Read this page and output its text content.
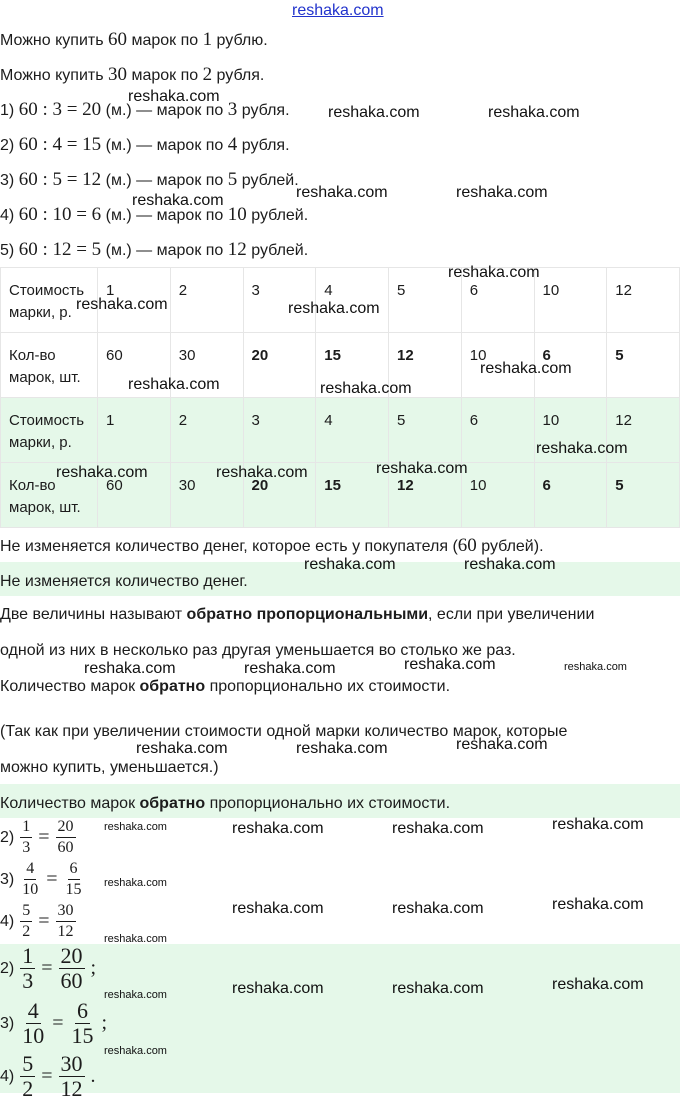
reshaka.com
Можно купить 60 марок по 1 рублю.
Можно купить 30 марок по 2 рубля.
1) 60 : 3 = 20 (м.) — марок по 3 рубля.
2) 60 : 4 = 15 (м.) — марок по 4 рубля.
3) 60 : 5 = 12 (м.) — марок по 5 рублей.
4) 60 : 10 = 6 (м.) — марок по 10 рублей.
5) 60 : 12 = 5 (м.) — марок по 12 рублей.
Стоимость
марки, р.	1	2	3	4	5	6	10	12
Кол-во
марок, шт.	60	30	20	15	12	10	6	5
Стоимость
марки, р.	1	2	3	4	5	6	10	12
Кол-во
марок, шт.	60	30	20	15	12	10	6	5
Не изменяется количество денег, которое есть у покупателя (60 рублей).
Не изменяется количество денег.
Две величины называют обратно пропорциональными, если при увеличении
одной из них в несколько раз другая уменьшается во столько же раз.
Количество марок обратно пропорционально их стоимости.
(Так как при увеличении стоимости одной марки количество марок, которые
можно купить, уменьшается.)
Количество марок обратно пропорционально их стоимости.
$2) \frac{1}{3} = \frac{20}{60}$
$3) \frac{4}{10} = \frac{6}{15}$
$4) \frac{5}{2} = \frac{30}{12}$
$2) \frac{1}{3} = \frac{20}{60}$ ;
$3) \frac{4}{10} = \frac{6}{15}$ ;
$4) \frac{5}{2} = \frac{30}{12}$ .
reshaka.com
reshaka.com	reshaka.com
reshaka.com	reshaka.com	reshaka.com
reshaka.com
reshaka.com	reshaka.com
reshaka.com
reshaka.com	reshaka.com
reshaka.com
reshaka.com	reshaka.com	reshaka.com
reshaka.com	reshaka.com
reshaka.com	reshaka.com	reshaka.com	reshaka.com
reshaka.com	reshaka.com	reshaka.com
reshaka.com	reshaka.com	reshaka.com	reshaka.com
reshaka.com
reshaka.com	reshaka.com	reshaka.com
reshaka.com
reshaka.com	reshaka.com	reshaka.com
reshaka.com
reshaka.com
